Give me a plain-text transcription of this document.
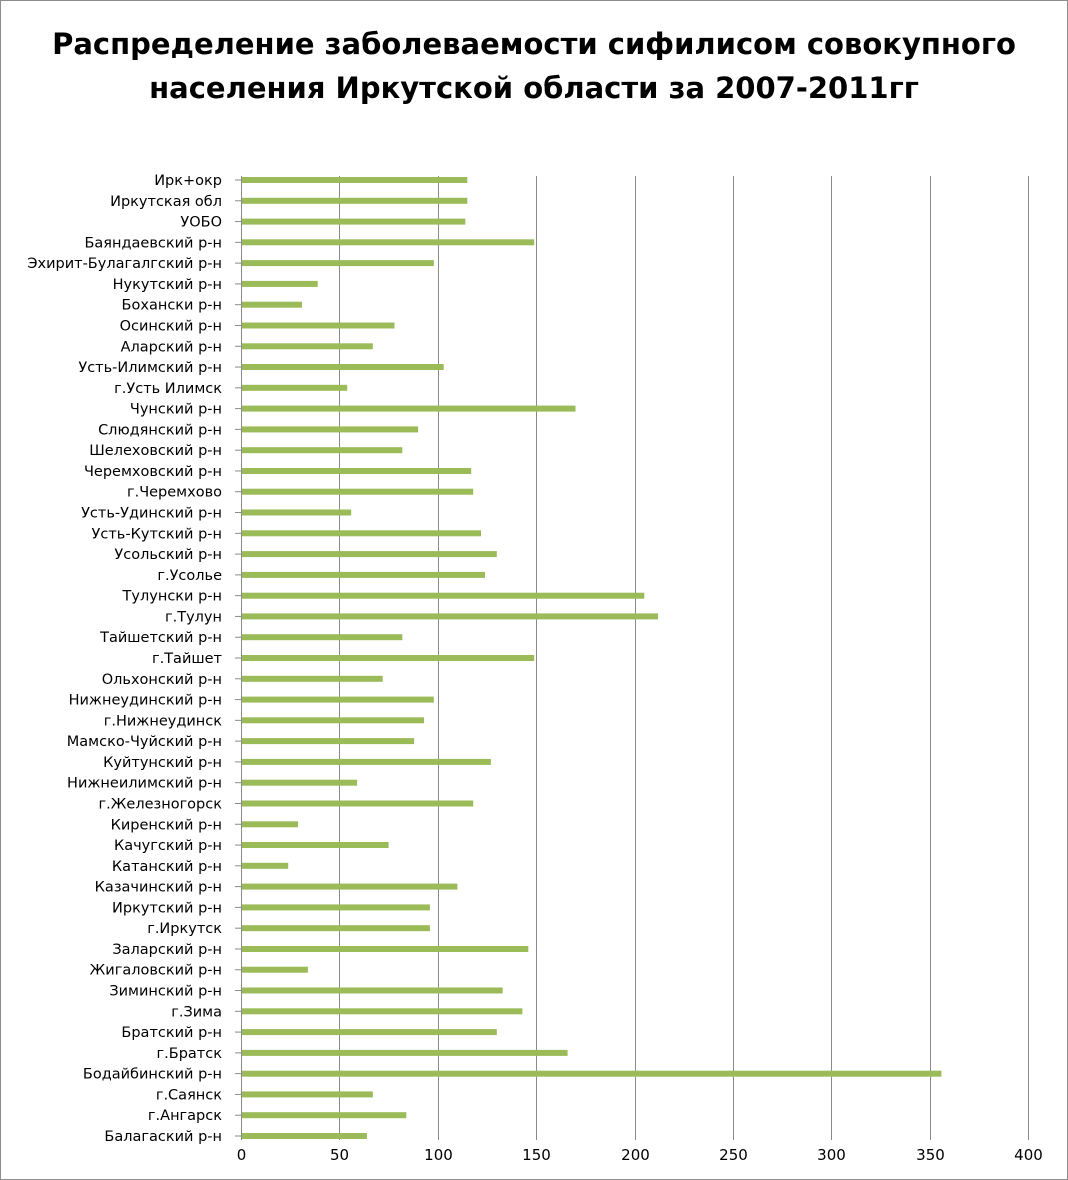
Распределение заболеваемости сифилисом совокупного населения Иркутской области за 2007-2011гг
0	50	100	150	200	250	300	350	400
Балагаский р-н
г.Ангарск
г.Саянск
Бодайбинский р-н
г.Братск
Братский р-н
г.Зима
Зиминский р-н
Жигаловский р-н
Заларский р-н
г.Иркутск
Иркутский р-н
Казачинский р-н
Катанский р-н
Качугский р-н
Киренский р-н
г.Железногорск
Нижнеилимский р-н
Куйтунский р-н
Мамско-Чуйский р-н
г.Нижнеудинск
Нижнеудинский р-н
Ольхонский р-н
г.Тайшет
Тайшетский р-н
г.Тулун
Тулунски р-н
г.Усолье
Усольский р-н
Усть-Кутский р-н
Усть-Удинский р-н
г.Черемхово
Черемховский р-н
Шелеховский р-н
Слюдянский р-н
Чунский р-н
г.Усть Илимск
Усть-Илимский р-н
Аларский р-н
Осинский р-н
Бохански р-н
Нукутский р-н
Эхирит-Булагалгский р-н
Баяндаевский р-н
УОБО
Иркутская обл
Ирк+окр
